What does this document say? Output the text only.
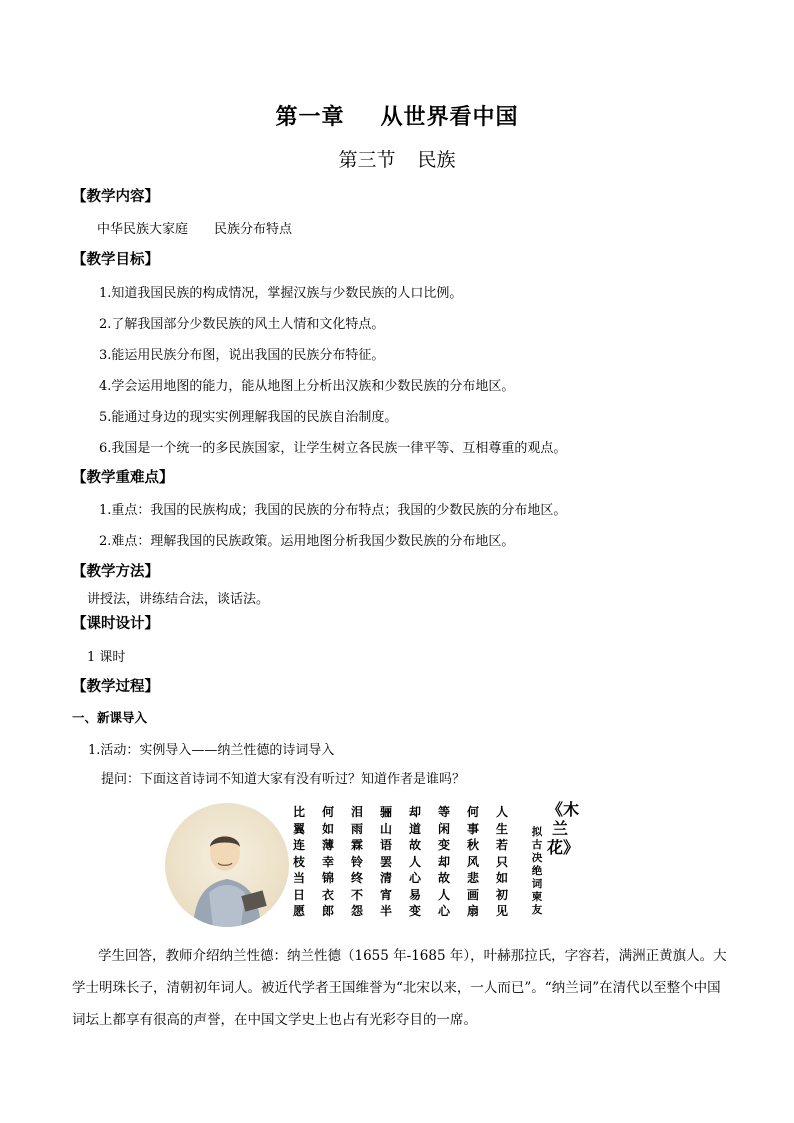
第一章 从世界看中国
第三节 民族
【教学内容】
中华民族大家庭 民族分布特点
【教学目标】
1.知道我国民族的构成情况，掌握汉族与少数民族的人口比例。
2.了解我国部分少数民族的风土人情和文化特点。
3.能运用民族分布图，说出我国的民族分布特征。
4.学会运用地图的能力，能从地图上分析出汉族和少数民族的分布地区。
5.能通过身边的现实实例理解我国的民族自治制度。
6.我国是一个统一的多民族国家，让学生树立各民族一律平等、互相尊重的观点。
【教学重难点】
1.重点：我国的民族构成；我国的民族的分布特点；我国的少数民族的分布地区。
2.难点：理解我国的民族政策。运用地图分析我国少数民族的分布地区。
【教学方法】
讲授法，讲练结合法，谈话法。
【课时设计】
1 课时
【教学过程】
一、新课导入
1.活动：实例导入——纳兰性德的诗词导入
提问：下面这首诗词不知道大家有没有听过？知道作者是谁吗？
比翼连枝当日愿
何如薄幸锦衣郎
泪雨霖铃终不怨
骊山语罢清宵半
却道故人心易变
等闲变却故人心
何事秋风悲画扇
人生若只如初见
拟古决绝词柬友
《木兰花》
学生回答，教师介绍纳兰性德：纳兰性德（1655 年-1685 年），叶赫那拉氏，字容若，满洲正黄旗人。大学士明珠长子，清朝初年词人。被近代学者王国维誉为“北宋以来，一人而已”。“纳兰词”在清代以至整个中国词坛上都享有很高的声誉，在中国文学史上也占有光彩夺目的一席。
